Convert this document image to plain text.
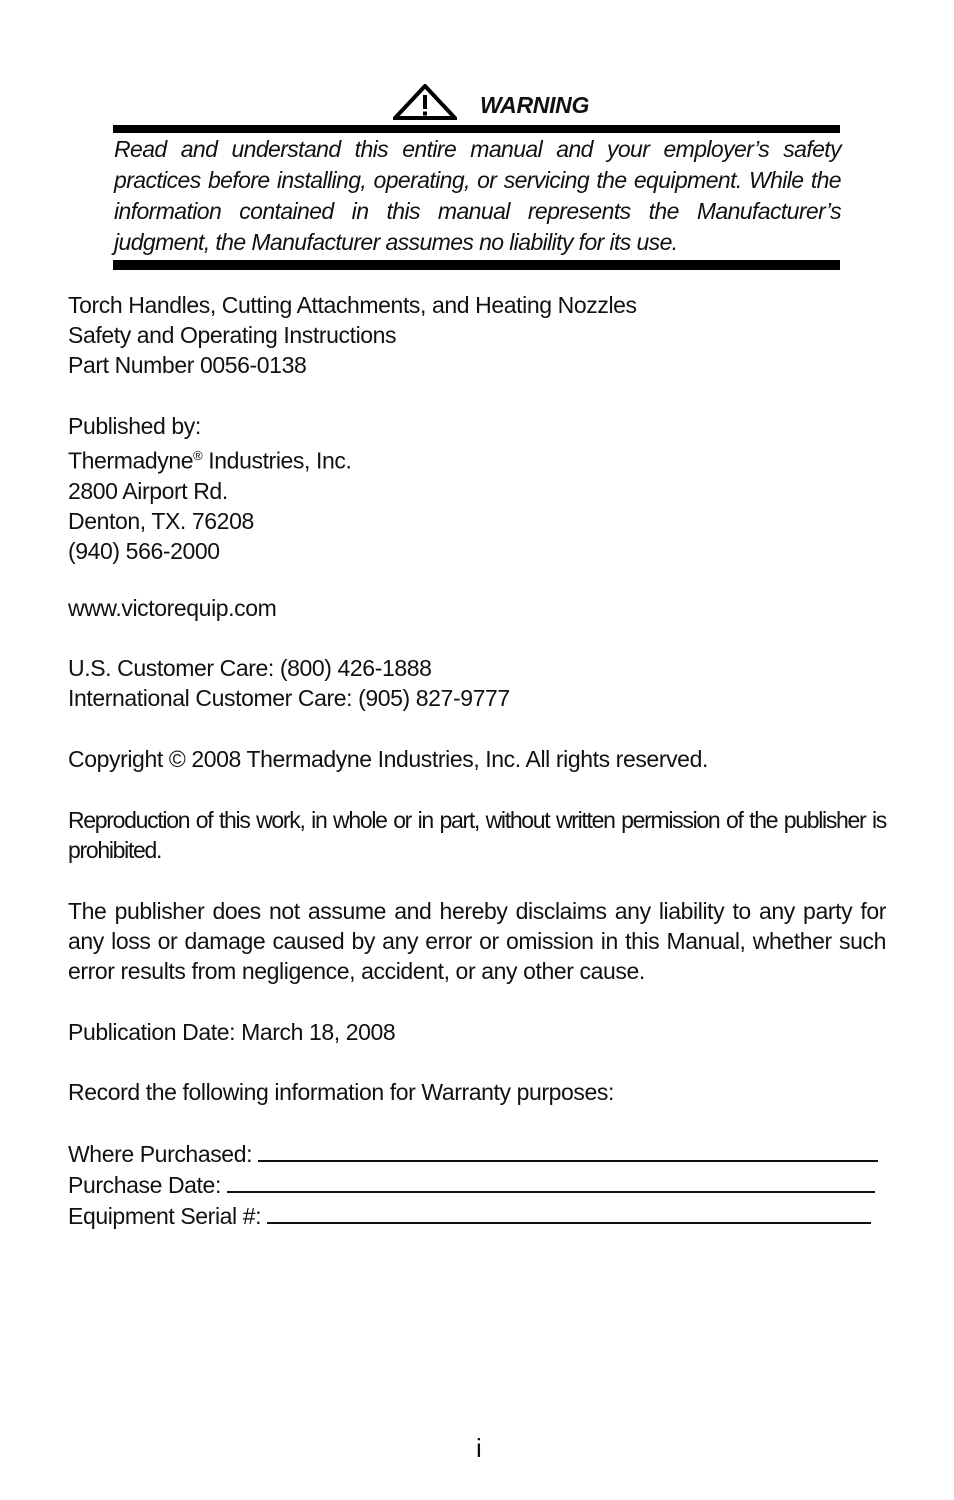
WARNING
Read and understand this entire manual and your employer’s safety practices before installing, operating, or servicing the equipment. While the information contained in this manual represents the Manufacturer’s judgment, the Manufacturer assumes no liability for its use.

Torch Handles, Cutting Attachments, and Heating Nozzles

Safety and Operating Instructions

Part Number 0056-0138

Published by:

Thermadyne® Industries, Inc.

2800 Airport Rd.

Denton, TX. 76208

(940) 566-2000

www.victorequip.com

U.S. Customer Care: (800) 426-1888

International Customer Care: (905) 827-9777

Copyright © 2008 Thermadyne Industries, Inc. All rights reserved.
Reproduction of this work, in whole or in part, without written permission of the publisher is prohibited.
The publisher does not assume and hereby disclaims any liability to any party for any loss or damage caused by any error or omission in this Manual, whether such error results from negligence, accident, or any other cause.
Publication Date: March 18, 2008
Record the following information for Warranty purposes:

Where Purchased:

Purchase Date:

Equipment Serial #:

i
